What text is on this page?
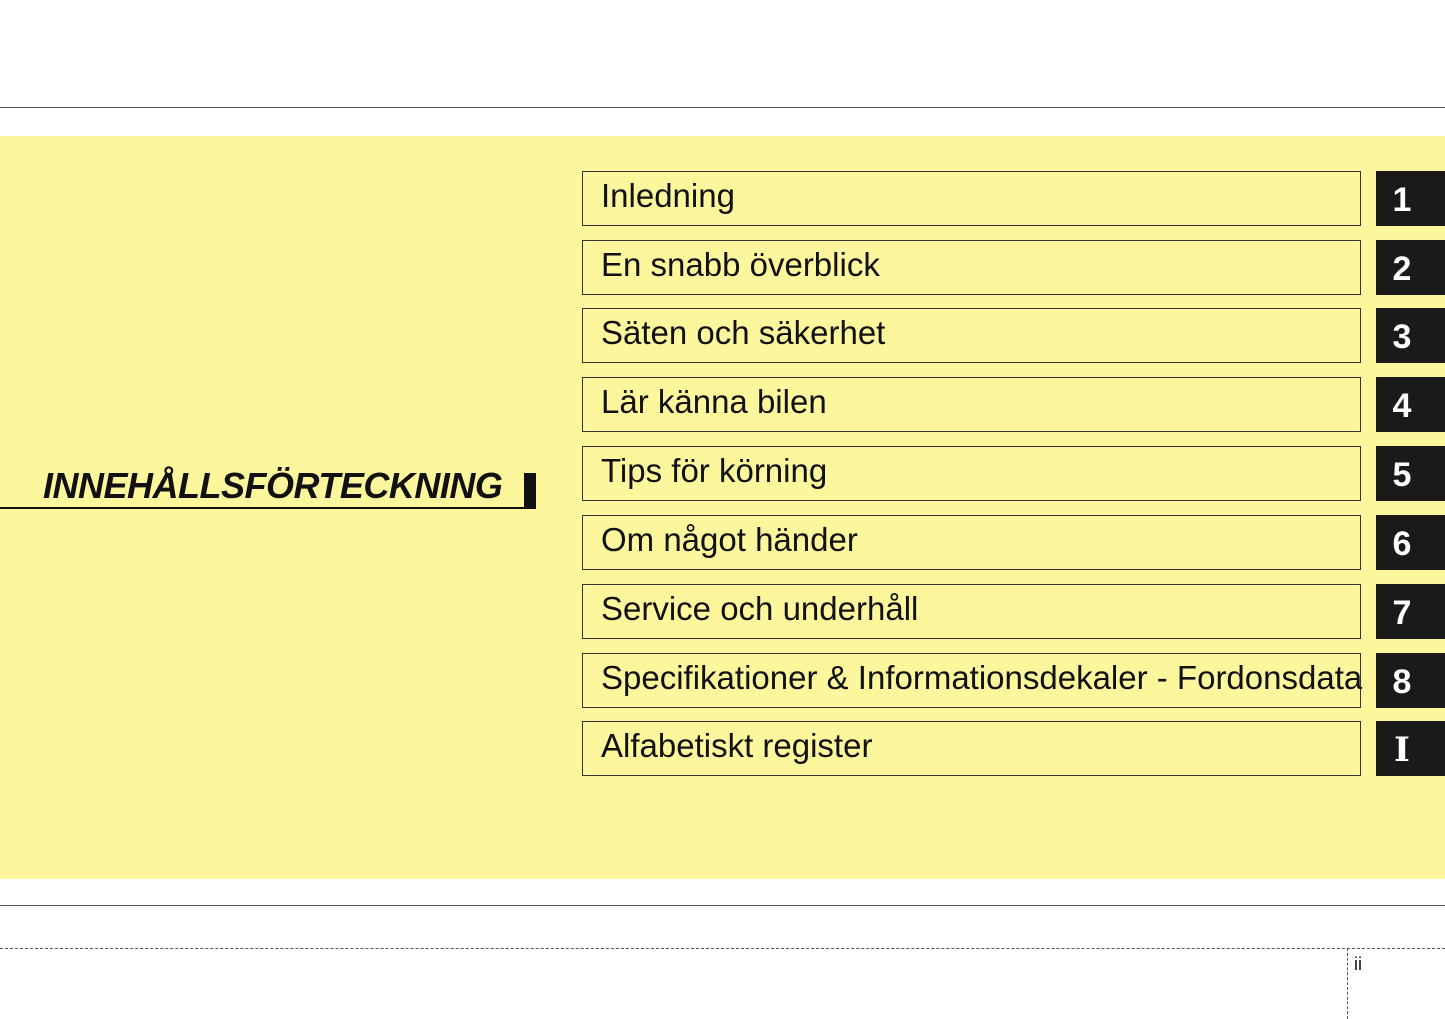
INNEHÅLLSFÖRTECKNING
Inledning	1
En snabb överblick	2
Säten och säkerhet	3
Lär känna bilen	4
Tips för körning	5
Om något händer	6
Service och underhåll	7
Specifikationer & Informationsdekaler - Fordonsdata 8
Alfabetiskt register	I
ii
